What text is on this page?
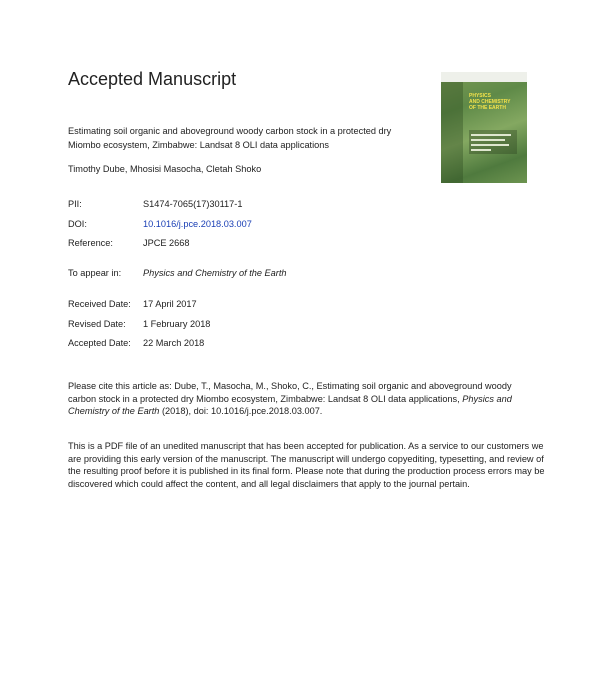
Accepted Manuscript
PHYSICS
AND CHEMISTRY
OF THE EARTH
Estimating soil organic and aboveground woody carbon stock in a protected dry
Miombo ecosystem, Zimbabwe: Landsat 8 OLI data applications
Timothy Dube, Mhosisi Masocha, Cletah Shoko
PII:	S1474-7065(17)30117-1
DOI:	10.1016/j.pce.2018.03.007
Reference:	JPCE 2668
To appear in: Physics and Chemistry of the Earth
Received Date: 17 April 2017
Revised Date: 1 February 2018
Accepted Date: 22 March 2018
Please cite this article as: Dube, T., Masocha, M., Shoko, C., Estimating soil organic and aboveground woody carbon stock in a protected dry Miombo ecosystem, Zimbabwe: Landsat 8 OLI data applications, Physics and Chemistry of the Earth (2018), doi: 10.1016/j.pce.2018.03.007.
This is a PDF file of an unedited manuscript that has been accepted for publication. As a service to our customers we are providing this early version of the manuscript. The manuscript will undergo copyediting, typesetting, and review of the resulting proof before it is published in its final form. Please note that during the production process errors may be discovered which could affect the content, and all legal disclaimers that apply to the journal pertain.
